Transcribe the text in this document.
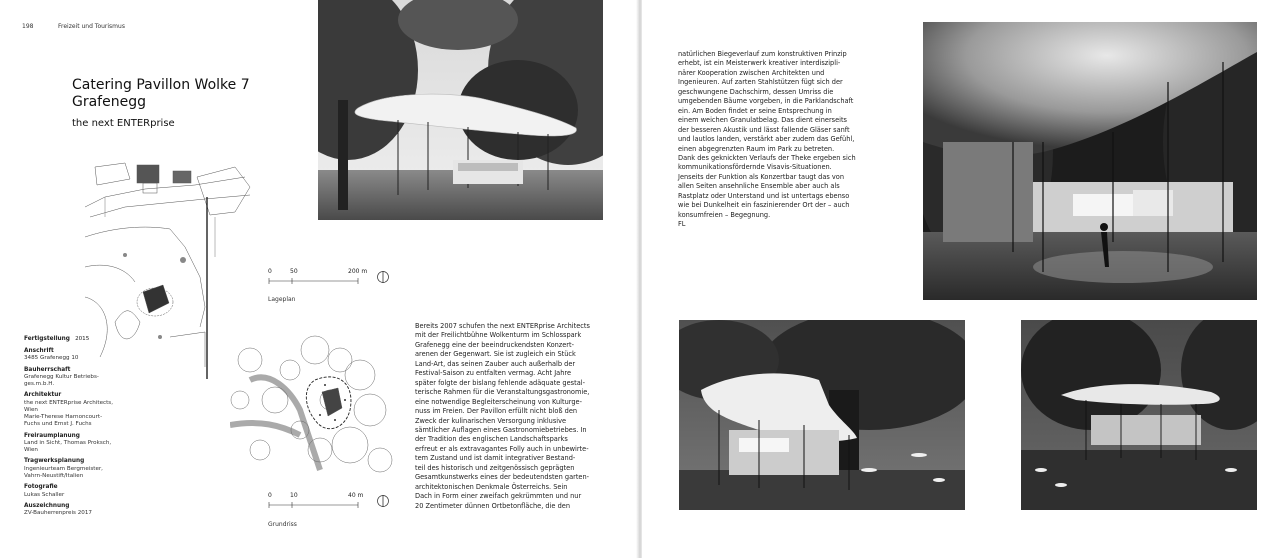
198	Freizeit und Tourismus
Catering Pavillon Wolke 7
Grafenegg
the next ENTERprise
0	50	200 m
Lageplan
Fertigstellung 2015
Anschrift
3485 Grafenegg 10
Bauherrschaft
Grafenegg Kultur Betriebs-
ges.m.b.H.
Architektur
the next ENTERprise Architects,
Wien
Marie-Therese Harnoncourt-
Fuchs und Ernst J. Fuchs
Freiraumplanung
Land in Sicht, Thomas Proksch,
Wien
Tragwerksplanung
Ingenieurteam Bergmeister,
Vahrn-Neustift/Italien
Fotografie
Lukas Schaller
Auszeichnung
ZV-Bauherrenpreis 2017
0	10	40 m
Grundriss
Bereits 2007 schufen the next ENTERprise Architects
mit der Freilichtbühne Wolkenturm im Schlosspark
Grafenegg eine der beeindruckendsten Konzert-
arenen der Gegenwart. Sie ist zugleich ein Stück
Land-Art, das seinen Zauber auch außerhalb der
Festival-Saison zu entfalten vermag. Acht Jahre
später folgte der bislang fehlende adäquate gestal-
terische Rahmen für die Veranstaltungsgastronomie,
eine notwendige Begleiterscheinung von Kulturge-
nuss im Freien. Der Pavillon erfüllt nicht bloß den
Zweck der kulinarischen Versorgung inklusive
sämtlicher Auflagen eines Gastronomiebetriebes. In
der Tradition des englischen Landschaftsparks
erfreut er als extravagantes Folly auch in unbewirte-
tem Zustand und ist damit integrativer Bestand-
teil des historisch und zeitgenössisch geprägten
Gesamtkunstwerks eines der bedeutendsten garten-
architektonischen Denkmale Österreichs. Sein
Dach in Form einer zweifach gekrümmten und nur
20 Zentimeter dünnen Ortbetonfläche, die den
natürlichen Biegeverlauf zum konstruktiven Prinzip
erhebt, ist ein Meisterwerk kreativer interdiszipli-
närer Kooperation zwischen Architekten und
Ingenieuren. Auf zarten Stahlstützen fügt sich der
geschwungene Dachschirm, dessen Umriss die
umgebenden Bäume vorgeben, in die Parklandschaft
ein. Am Boden findet er seine Entsprechung in
einem weichen Granulatbelag. Das dient einerseits
der besseren Akustik und lässt fallende Gläser sanft
und lautlos landen, verstärkt aber zudem das Gefühl,
einen abgegrenzten Raum im Park zu betreten.
Dank des geknickten Verlaufs der Theke ergeben sich
kommunikationsfördernde Visavis-Situationen.
Jenseits der Funktion als Konzertbar taugt das von
allen Seiten ansehnliche Ensemble aber auch als
Rastplatz oder Unterstand und ist untertags ebenso
wie bei Dunkelheit ein faszinierender Ort der – auch
konsumfreien – Begegnung.
FL
